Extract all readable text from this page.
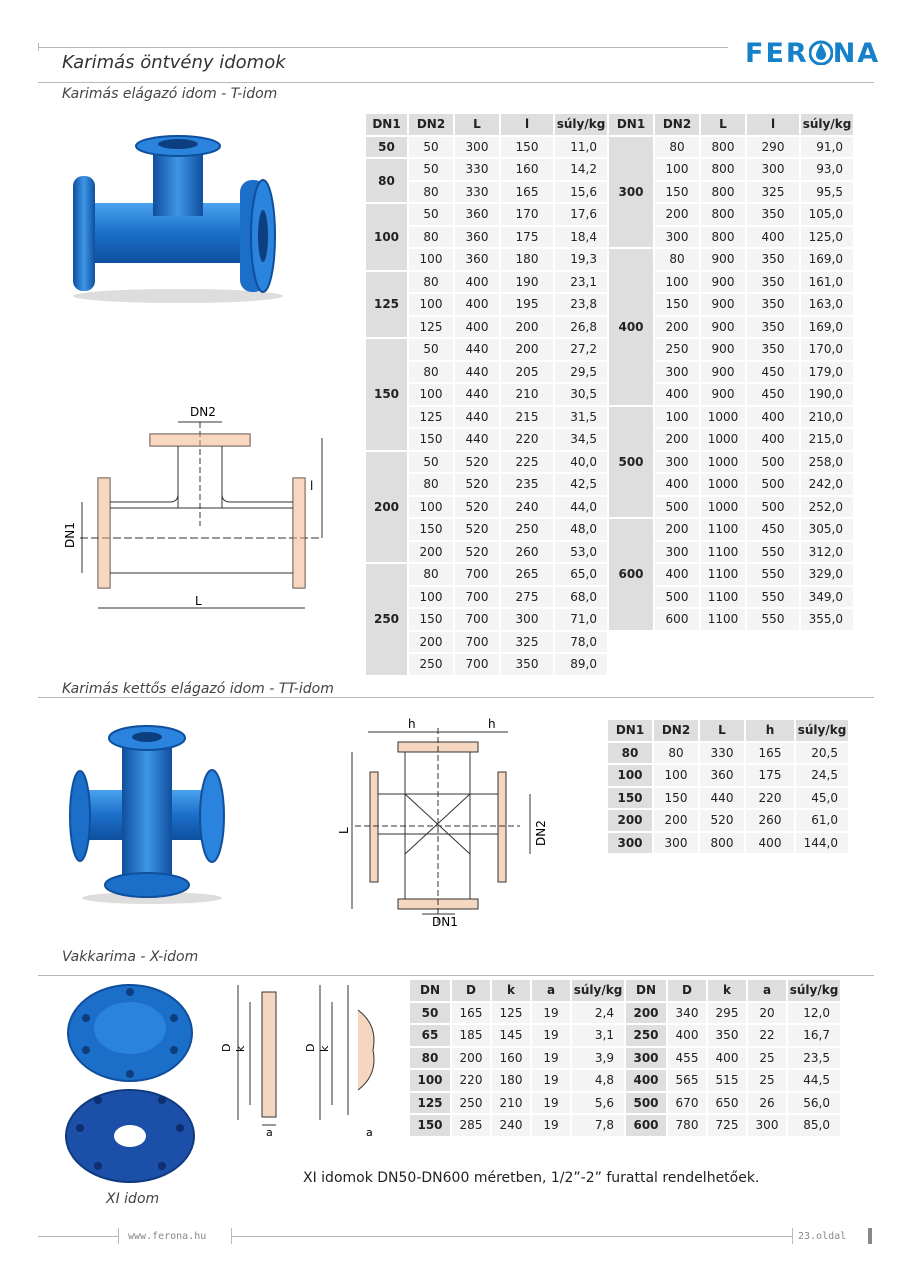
Karimás öntvény idomok	FER NA
Karimás elágazó idom - T-idom
DN2
DN1
L
l
DN1	DN2	L	l	súly/kg	DN1	DN2	L	l	súly/kg
50	50	300	150	11,0	300	80	800	290	91,0
80	50	330	160	14,2		100	800	300	93,0
	80	330	165	15,6		150	800	325	95,5
100	50	360	170	17,6		200	800	350	105,0
	80	360	175	18,4		300	800	400	125,0
	100	360	180	19,3	400	80	900	350	169,0
125	80	400	190	23,1		100	900	350	161,0
	100	400	195	23,8		150	900	350	163,0
	125	400	200	26,8		200	900	350	169,0
150	50	440	200	27,2		250	900	350	170,0
	80	440	205	29,5		300	900	450	179,0
	100	440	210	30,5		400	900	450	190,0
	125	440	215	31,5	500	100	1000	400	210,0
	150	440	220	34,5		200	1000	400	215,0
200	50	520	225	40,0		300	1000	500	258,0
	80	520	235	42,5		400	1000	500	242,0
	100	520	240	44,0		500	1000	500	252,0
	150	520	250	48,0	600	200	1100	450	305,0
	200	520	260	53,0		300	1100	550	312,0
250	80	700	265	65,0		400	1100	550	329,0
	100	700	275	68,0		500	1100	550	349,0
	150	700	300	71,0		600	1100	550	355,0
	200	700	325	78,0					
	250	700	350	89,0					
Karimás kettős elágazó idom - TT-idom
h	h
L	DN2
DN1
DN1	DN2	L	h	súly/kg
80	80	330	165	20,5
100	100	360	175	24,5
150	150	440	220	45,0
200	200	520	260	61,0
300	300	800	400	144,0
Vakkarima - X-idom
D k
a
D k
a
DN	D	k	a	súly/kg	DN	D	k	a	súly/kg
50	165	125	19	2,4	200	340	295	20	12,0
65	185	145	19	3,1	250	400	350	22	16,7
80	200	160	19	3,9	300	455	400	25	23,5
100	220	180	19	4,8	400	565	515	25	44,5
125	250	210	19	5,6	500	670	650	26	56,0
150	285	240	19	7,8	600	780	725	300	85,0
XI idomok DN50-DN600 méretben, 1/2”-2” furattal rendelhetőek.
XI idom
www.ferona.hu	23.oldal
